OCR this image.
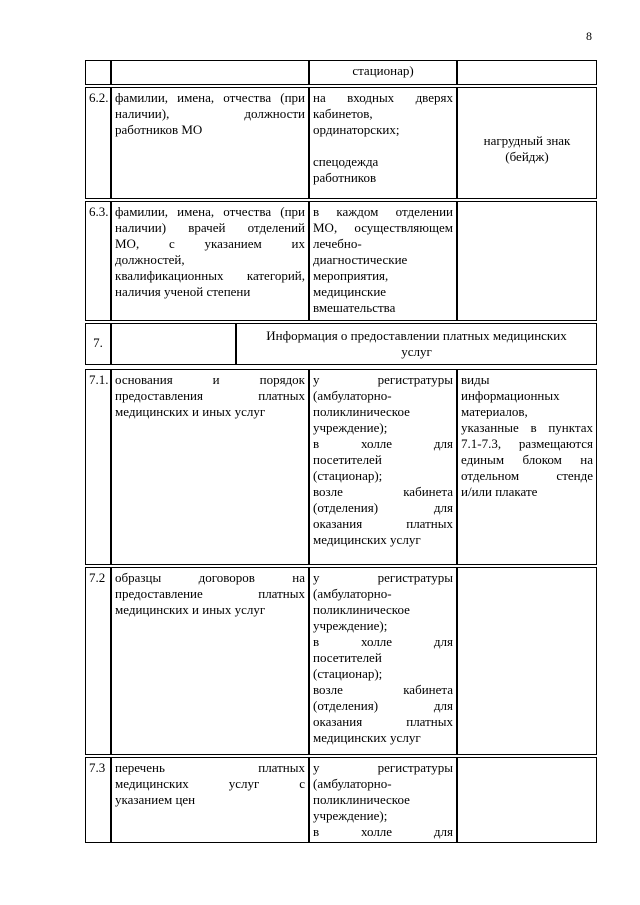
8
стационар)
6.2. фамилии, имена, отчества (при
наличии), должности
работников МО
на входных дверях
кабинетов,
ординаторских;
спецодежда
работников
нагрудный знак
(бейдж)
6.3. фамилии, имена, отчества (при
наличии) врачей отделений
МО, с указанием их
должностей,
квалификационных категорий,
наличия ученой степени
в каждом отделении
МО, осуществляющем
лечебно-
диагностические
мероприятия,
медицинские
вмешательства
7.	Информация о предоставлении платных медицинских
услуг
7.1. основания и порядок
предоставления платных
медицинских и иных услуг
у регистратуры
(амбулаторно-
поликлиническое
учреждение);
в холле для
посетителей
(стационар);
возле кабинета
(отделения) для
оказания платных
медицинских услуг
виды
информационных
материалов,
указанные в пунктах
7.1-7.3, размещаются
единым блоком на
отдельном стенде
и/или плакате
7.2 образцы договоров на
предоставление платных
медицинских и иных услуг
у регистратуры
(амбулаторно-
поликлиническое
учреждение);
в холле для
посетителей
(стационар);
возле кабинета
(отделения) для
оказания платных
медицинских услуг
7.3 перечень платных
медицинских услуг с
указанием цен
у регистратуры
(амбулаторно-
поликлиническое
учреждение);
в холле для
